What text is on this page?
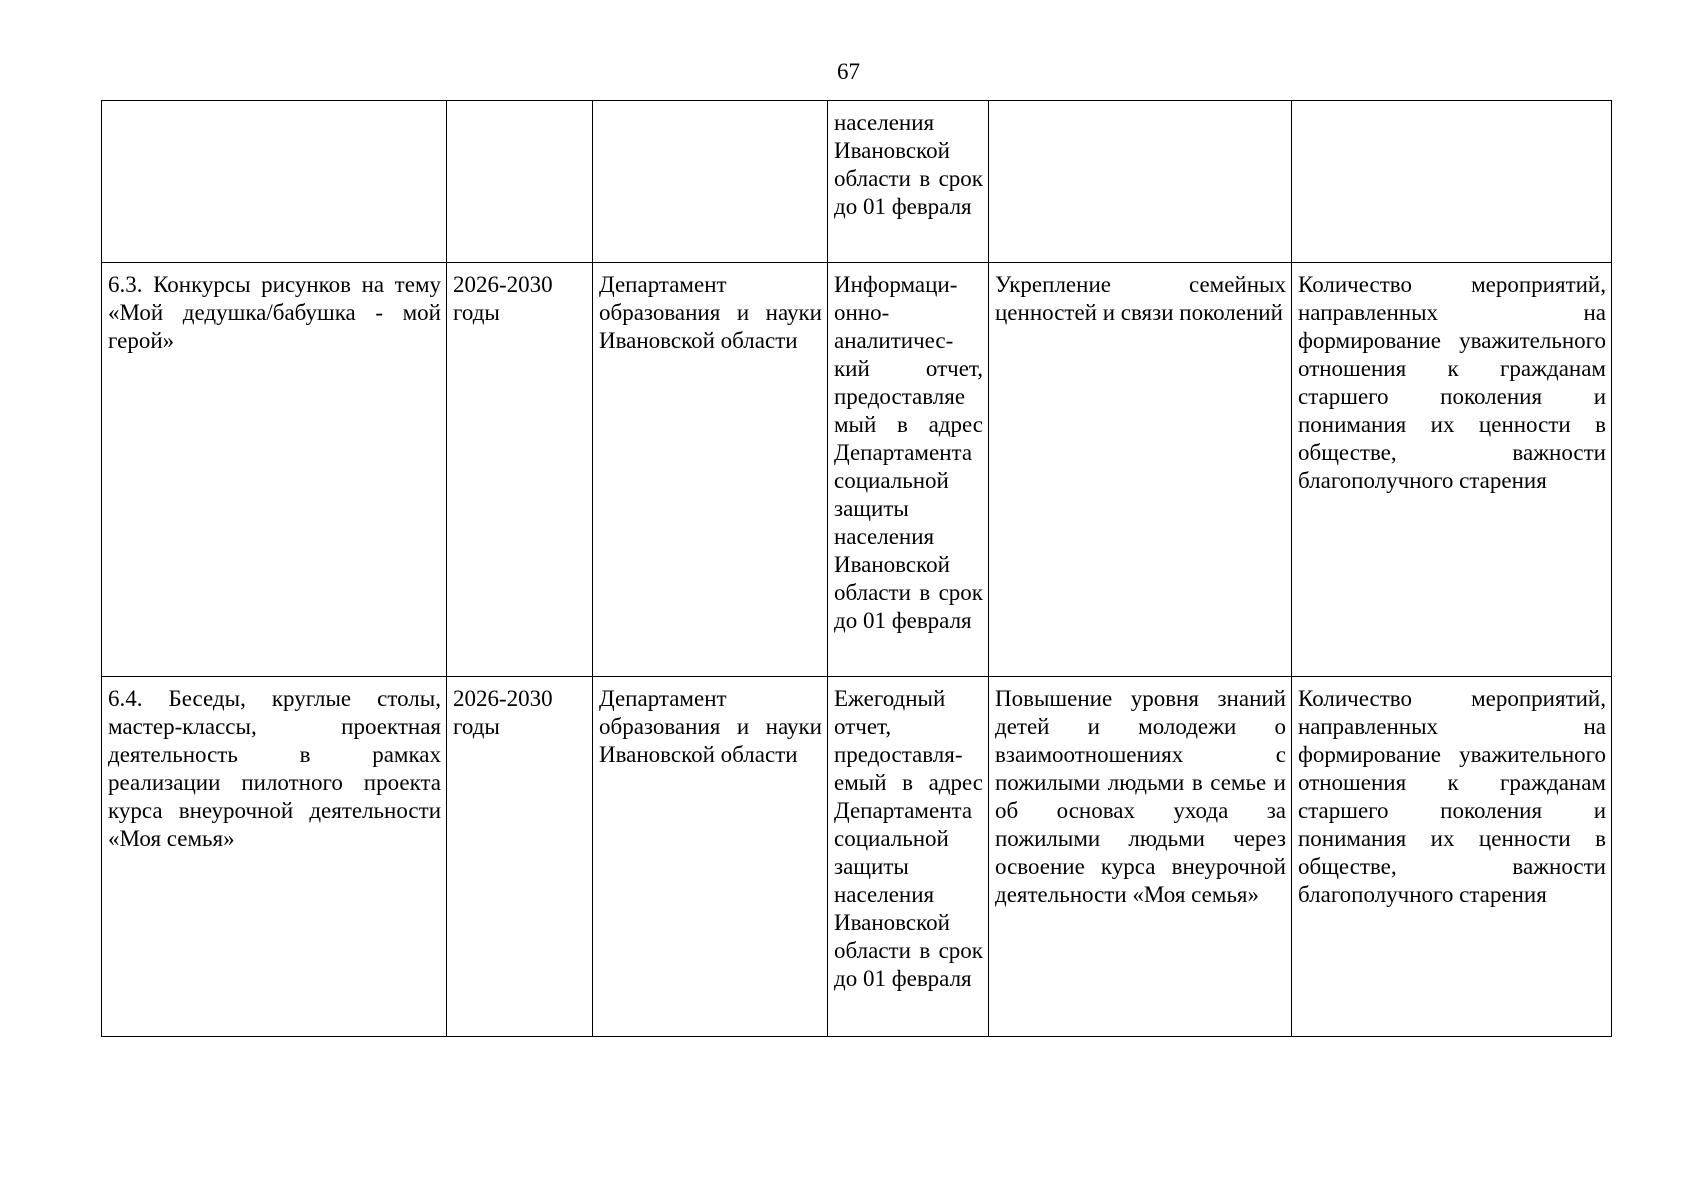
67
			населения Ивановской области в срок до 01 февраля		
6.3. Конкурсы рисунков на тему «Мой дедушка/бабушка - мой герой»	2026-2030 годы	Департамент образования и науки Ивановской области	Информаци-онно-аналитичес-кий отчет, предоставляе мый в адрес Департамента социальной защиты населения Ивановской области в срок до 01 февраля	Укрепление семейных ценностей и связи поколений	Количество мероприятий, направленных на формирование уважительного отношения к гражданам старшего поколения и понимания их ценности в обществе, важности благополучного старения
6.4. Беседы, круглые столы, мастер-классы, проектная деятельность в рамках реализации пилотного проекта курса внеурочной деятельности «Моя семья»	2026-2030 годы	Департамент образования и науки Ивановской области	Ежегодный отчет, предоставля-емый в адрес Департамента социальной защиты населения Ивановской области в срок до 01 февраля	Повышение уровня знаний детей и молодежи о взаимоотношениях с пожилыми людьми в семье и об основах ухода за пожилыми людьми через освоение курса внеурочной деятельности «Моя семья»	Количество мероприятий, направленных на формирование уважительного отношения к гражданам старшего поколения и понимания их ценности в обществе, важности благополучного старения
